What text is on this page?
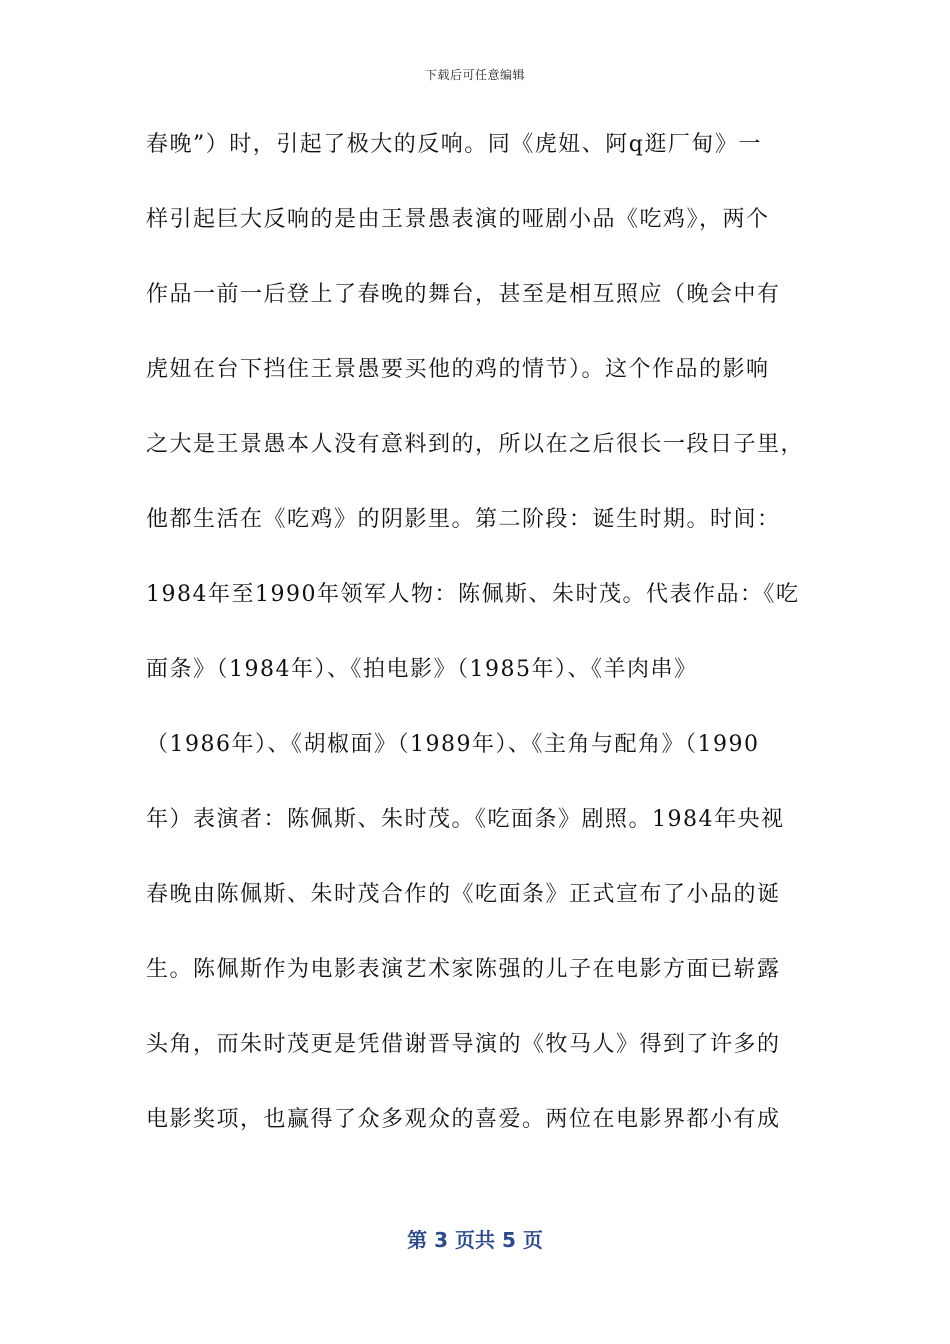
下载后可任意编辑
春晚”）时，引起了极大的反响。同《虎妞、阿q逛厂甸》一
样引起巨大反响的是由王景愚表演的哑剧小品《吃鸡》，两个
作品一前一后登上了春晚的舞台，甚至是相互照应（晚会中有
虎妞在台下挡住王景愚要买他的鸡的情节）。这个作品的影响
之大是王景愚本人没有意料到的，所以在之后很长一段日子里，
他都生活在《吃鸡》的阴影里。第二阶段：诞生时期。时间：
1984年至1990年领军人物：陈佩斯、朱时茂。代表作品：《吃
面条》（1984年）、《拍电影》（1985年）、《羊肉串》
（1986年）、《胡椒面》（1989年）、《主角与配角》（1990
年）表演者：陈佩斯、朱时茂。《吃面条》剧照。1984年央视
春晚由陈佩斯、朱时茂合作的《吃面条》正式宣布了小品的诞
生。陈佩斯作为电影表演艺术家陈强的儿子在电影方面已崭露
头角，而朱时茂更是凭借谢晋导演的《牧马人》得到了许多的
电影奖项，也赢得了众多观众的喜爱。两位在电影界都小有成
第 3 页共 5 页
